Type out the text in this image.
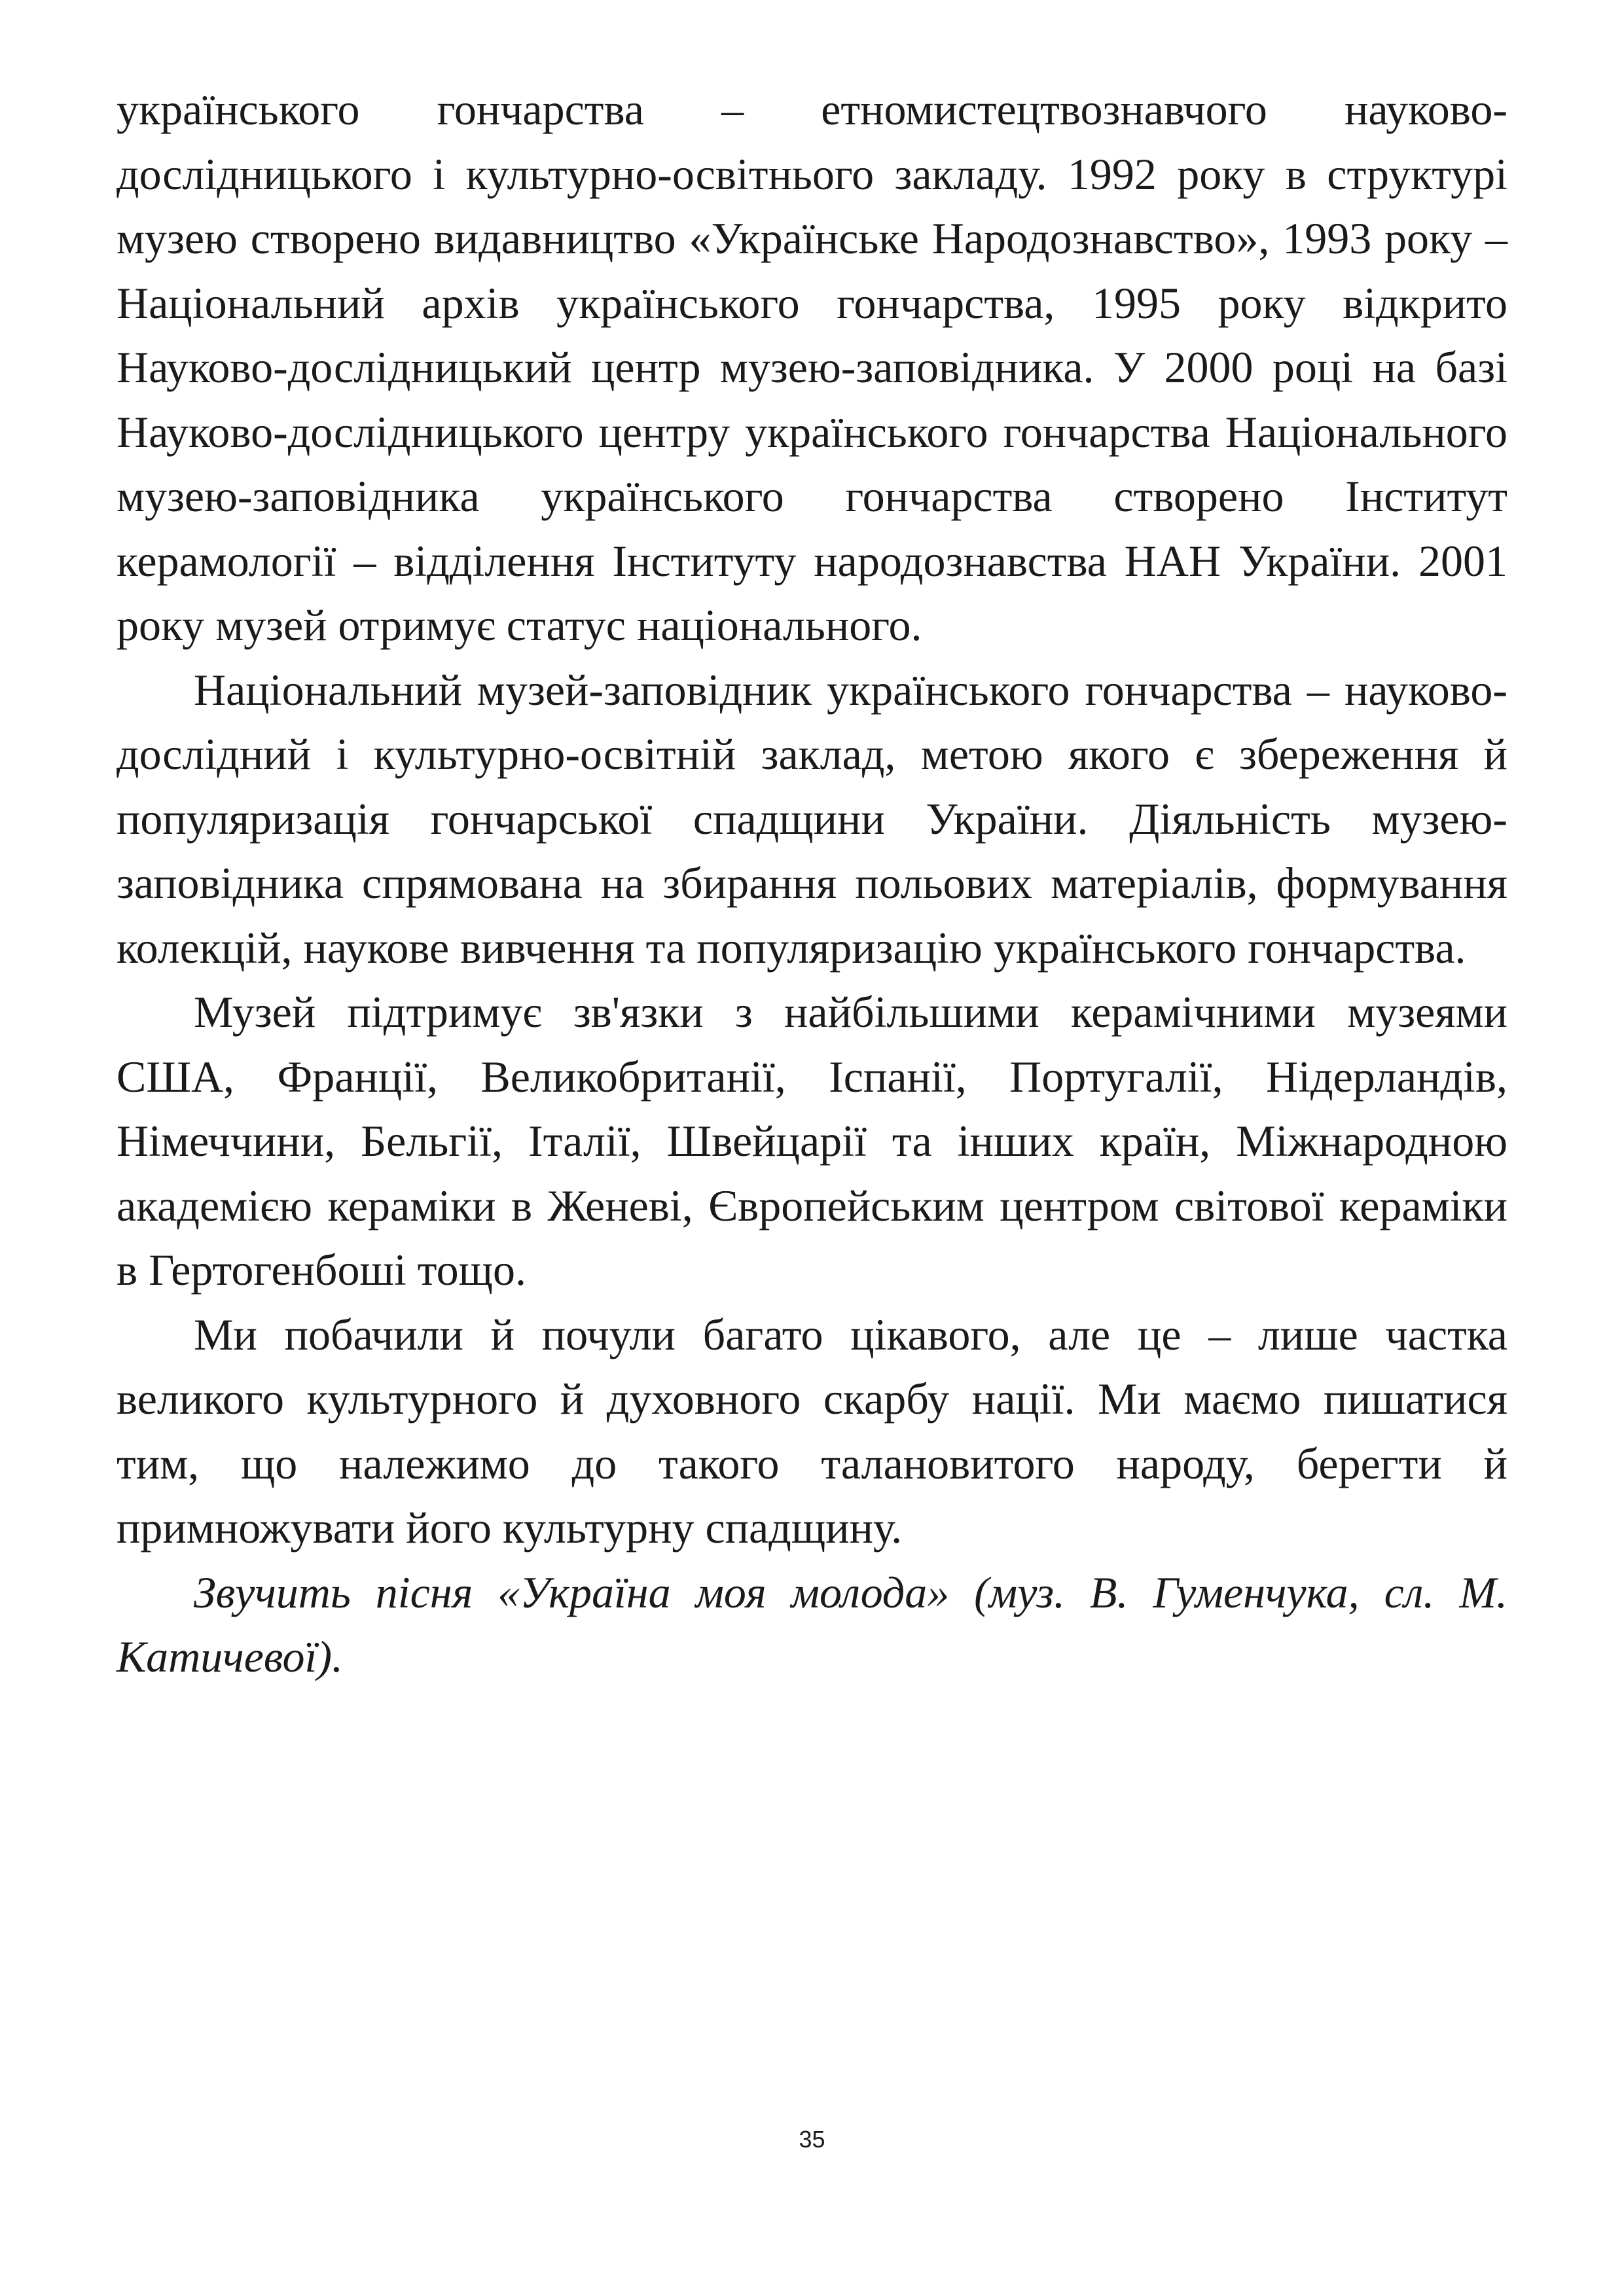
українського гончарства – етномистецтвознавчого науково-дослідницького і культурно-освітнього закладу. 1992 року в структурі музею створено видавництво «Українське Народознавство», 1993 року – Національний архів українського гончарства, 1995 року відкрито Науково-дослідницький центр музею-заповідника. У 2000 році на базі Науково-дослідницького центру українського гончарства Національного музею-заповідника українського гончарства створено Інститут керамології – відділення Інституту народознавства НАН України. 2001 року музей отримує статус національного.

Національний музей-заповідник українського гончарства – науково-дослідний і культурно-освітній заклад, метою якого є збереження й популяризація гончарської спадщини України. Діяльність музею-заповідника спрямована на збирання польових матеріалів, формування колекцій, наукове вивчення та популяризацію українського гончарства.

Музей підтримує зв'язки з найбільшими керамічними музеями США, Франції, Великобританії, Іспанії, Португалії, Нідерландів, Німеччини, Бельгії, Італії, Швейцарії та інших країн, Міжнародною академією кераміки в Женеві, Європейським центром світової кераміки в Гертогенбоші тощо.

Ми побачили й почули багато цікавого, але це – лише частка великого культурного й духовного скарбу нації. Ми маємо пишатися тим, що належимо до такого талановитого народу, берегти й примножувати його культурну спадщину.

Звучить пісня «Україна моя молода» (муз. В. Гуменчука, сл. М. Катичевої).

35
